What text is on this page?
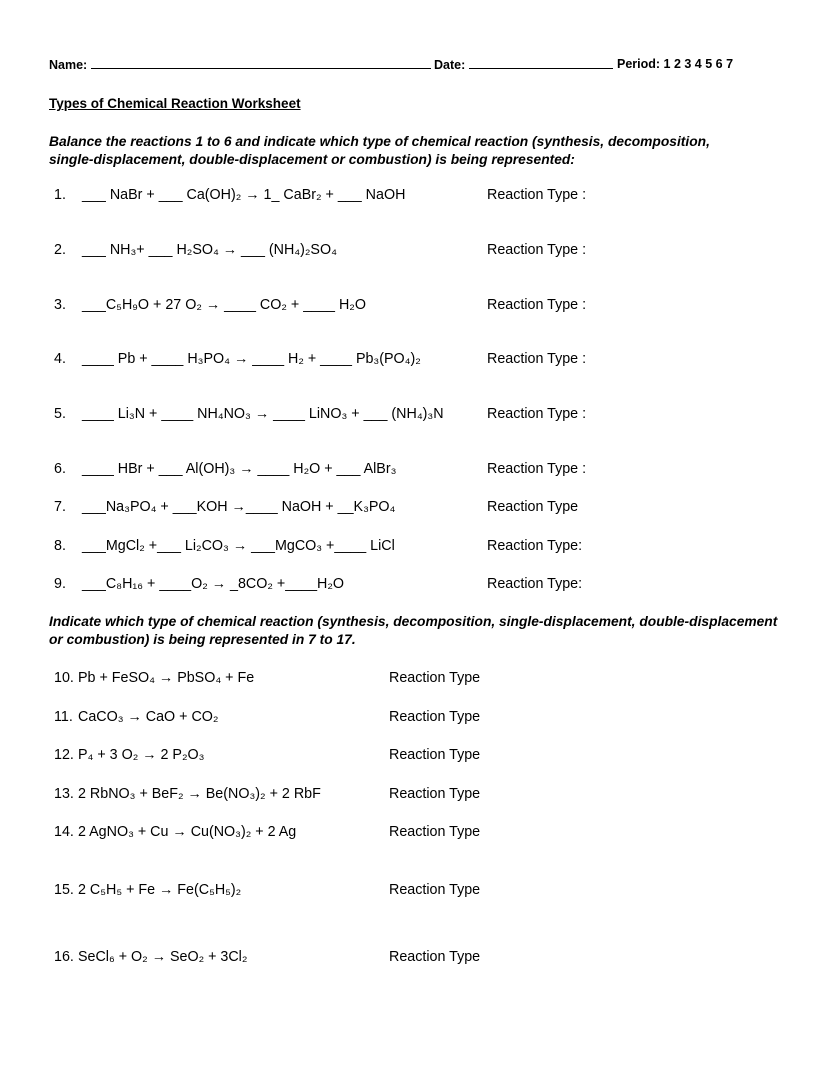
Name:	Date:	Period: 1 2 3 4 5 6 7
Types of Chemical Reaction Worksheet
Balance the reactions 1 to 6 and indicate which type of chemical reaction (synthesis, decomposition,
single-displacement, double-displacement or combustion) is being represented:
1. ___ NaBr + ___ Ca(OH)₂ → 1_ CaBr₂ + ___ NaOH	Reaction Type :
2. ___ NH₃+ ___ H₂SO₄ → ___ (NH₄)₂SO₄	Reaction Type :
3. ___C₅H₉O + 27 O₂ → ____ CO₂ + ____ H₂O	Reaction Type :
4. ____ Pb + ____ H₃PO₄ → ____ H₂ + ____ Pb₃(PO₄)₂	Reaction Type :
5. ____ Li₃N + ____ NH₄NO₃ → ____ LiNO₃ + ___ (NH₄)₃N	Reaction Type :
6. ____ HBr + ___ Al(OH)₃ → ____ H₂O + ___ AlBr₃	Reaction Type :
7. ___Na₃PO₄ + ___KOH →____ NaOH + __K₃PO₄	Reaction Type
8. ___MgCl₂ +___ Li₂CO₃ → ___MgCO₃ +____ LiCl	Reaction Type:
9. ___C₈H₁₆ + ____O₂ → _8CO₂ +____H₂O	Reaction Type:
Indicate which type of chemical reaction (synthesis, decomposition, single-displacement, double-displacement
or combustion) is being represented in 7 to 17.
10. Pb + FeSO₄ → PbSO₄ + Fe	Reaction Type
11. CaCO₃ → CaO + CO₂	Reaction Type
12. P₄ + 3 O₂ → 2 P₂O₃	Reaction Type
13. 2 RbNO₃ + BeF₂ → Be(NO₃)₂ + 2 RbF	Reaction Type
14. 2 AgNO₃ + Cu → Cu(NO₃)₂ + 2 Ag	Reaction Type
15. 2 C₅H₅ + Fe → Fe(C₅H₅)₂	Reaction Type
16. SeCl₆ + O₂ → SeO₂ + 3Cl₂	Reaction Type
